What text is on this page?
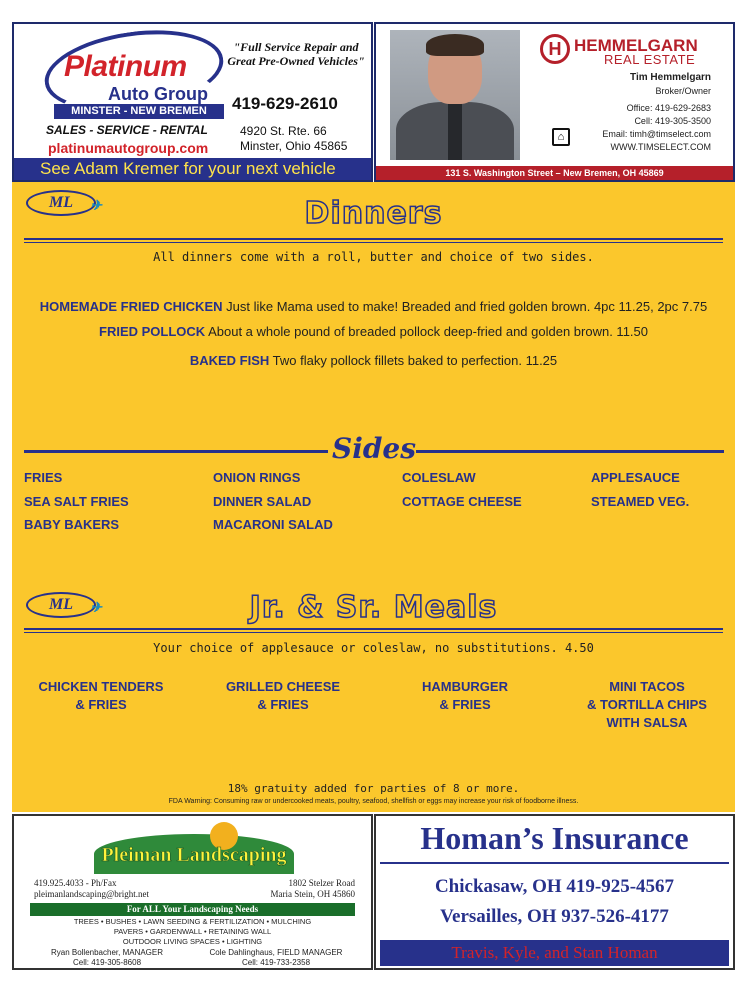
Platinum
Auto Group
MINSTER - NEW BREMEN
SALES - SERVICE - RENTAL
platinumautogroup.com
"Full Service Repair and Great Pre-Owned Vehicles"
419-629-2610
4920 St. Rte. 66
Minster, Ohio 45865
See Adam Kremer for your next vehicle
H HEMMELGARN
REAL ESTATE
Tim Hemmelgarn
Broker/Owner
Office: 419-629-2683
Cell: 419-305-3500
Email: timh@timselect.com
WWW.TIMSELECT.COM
⌂
131 S. Washington Street – New Bremen, OH 45869
ML ✈	Dinners
All dinners come with a roll, butter and choice of two sides.
HOMEMADE FRIED CHICKEN Just like Mama used to make! Breaded and fried golden brown. 4pc 11.25, 2pc 7.75
FRIED POLLOCK About a whole pound of breaded pollock deep-fried and golden brown. 11.50
BAKED FISH Two flaky pollock fillets baked to perfection. 11.25
Sides
FRIES
SEA SALT FRIES
BABY BAKERS
ONION RINGS
DINNER SALAD
MACARONI SALAD
COLESLAW
COTTAGE CHEESE
APPLESAUCE
STEAMED VEG.
ML ✈	Jr. & Sr. Meals
Your choice of applesauce or coleslaw, no substitutions. 4.50
CHICKEN TENDERS
& FRIES
GRILLED CHEESE
& FRIES
HAMBURGER
& FRIES
MINI TACOS
& TORTILLA CHIPS
WITH SALSA
18% gratuity added for parties of 8 or more.
FDA Warning: Consuming raw or undercooked meats, poultry, seafood, shellfish or eggs may increase your risk of foodborne illness.
Pleiman Landscaping
419.925.4033 - Ph/Fax
pleimanlandscaping@bright.net
1802 Stelzer Road
Maria Stein, OH 45860
For ALL Your Landscaping Needs
TREES • BUSHES • LAWN SEEDING & FERTILIZATION • MULCHING
PAVERS • GARDENWALL • RETAINING WALL
OUTDOOR LIVING SPACES • LIGHTING
Ryan Bollenbacher, MANAGER
Cell: 419-305-8608
Cole Dahlinghaus, FIELD MANAGER
Cell: 419-733-2358
Homan’s Insurance
Chickasaw, OH 419-925-4567
Versailles, OH 937-526-4177
Travis, Kyle, and Stan Homan
